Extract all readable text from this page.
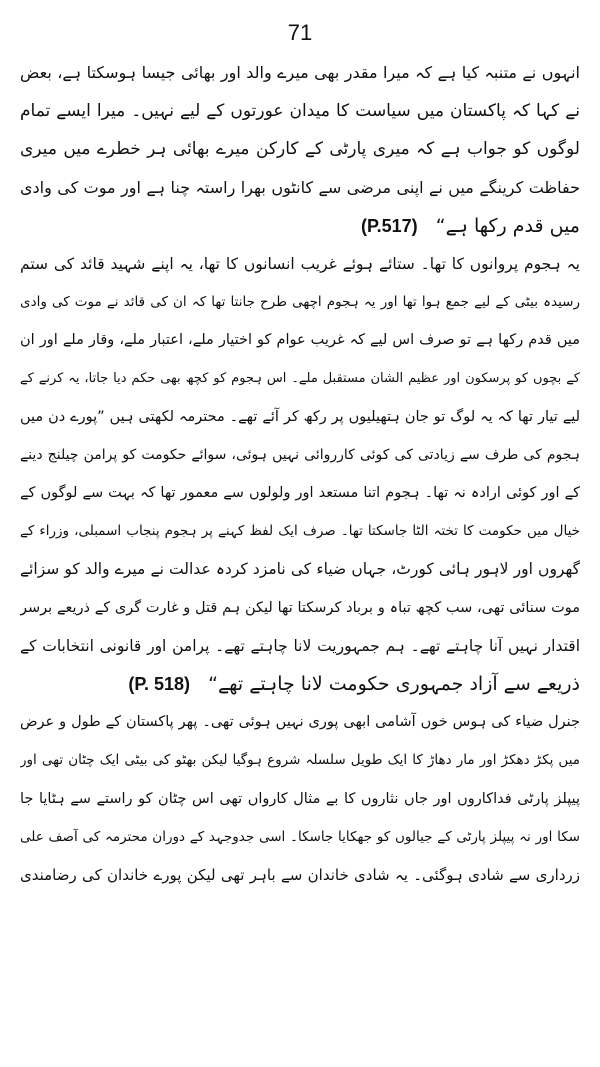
71
انہوں نے متنبہ کیا ہے کہ میرا مقدر بھی میرے والد اور بھائی جیسا ہوسکتا ہے، بعض
نے کہا کہ پاکستان میں سیاست کا میدان عورتوں کے لیے نہیں۔ میرا ایسے تمام
لوگوں کو جواب ہے کہ میری پارٹی کے کارکن میرے بھائی ہر خطرے میں میری
حفاظت کرینگے میں نے اپنی مرضی سے کانٹوں بھرا راستہ چنا ہے اور موت کی وادی
میں قدم رکھا ہے“   (P.517)
یہ ہجوم پروانوں کا تھا۔ ستائے ہوئے غریب انسانوں کا تھا، یہ اپنے شہید قائد کی ستم
رسیدہ بیٹی کے لیے جمع ہوا تھا اور یہ ہجوم اچھی طرح جانتا تھا کہ ان کی قائد نے موت کی وادی
میں قدم رکھا ہے تو صرف اس لیے کہ غریب عوام کو اختیار ملے، اعتبار ملے، وقار ملے اور ان
کے بچوں کو پرسکون اور عظیم الشان مستقبل ملے۔ اس ہجوم کو کچھ بھی حکم دیا جاتا، یہ کرنے کے
لیے تیار تھا کہ یہ لوگ تو جان ہتھیلیوں پر رکھ کر آئے تھے۔ محترمہ لکھتی ہیں ”پورے دن میں
ہجوم کی طرف سے زیادتی کی کوئی کارروائی نہیں ہوئی، سوائے حکومت کو پرامن چیلنج دینے
کے اور کوئی ارادہ نہ تھا۔ ہجوم اتنا مستعد اور ولولوں سے معمور تھا کہ بہت سے لوگوں کے
خیال میں حکومت کا تختہ الٹا جاسکتا تھا۔ صرف ایک لفظ کہنے پر ہجوم پنجاب اسمبلی، وزراء کے
گھروں اور لاہور ہائی کورٹ، جہاں ضیاء کی نامزد کردہ عدالت نے میرے والد کو سزائے
موت سنائی تھی، سب کچھ تباہ و برباد کرسکتا تھا لیکن ہم قتل و غارت گری کے ذریعے برسر
اقتدار نہیں آنا چاہتے تھے۔ ہم جمہوریت لانا چاہتے تھے۔ پرامن اور قانونی انتخابات کے
ذریعے سے آزاد جمہوری حکومت لانا چاہتے تھے“   (P. 518)
جنرل ضیاء کی ہوس خوں آشامی ابھی پوری نہیں ہوئی تھی۔ پھر پاکستان کے طول و عرض
میں پکڑ دھکڑ اور مار دھاڑ کا ایک طویل سلسلہ شروع ہوگیا لیکن بھٹو کی بیٹی ایک چٹان تھی اور
پیپلز پارٹی فداکاروں اور جاں نثاروں کا بے مثال کارواں تھی اس چٹان کو راستے سے ہٹایا جا
سکا اور نہ پیپلز پارٹی کے جیالوں کو جھکایا جاسکا۔ اسی جدوجہد کے دوران محترمہ کی آصف علی
زرداری سے شادی ہوگئی۔ یہ شادی خاندان سے باہر تھی لیکن پورے خاندان کی رضامندی
